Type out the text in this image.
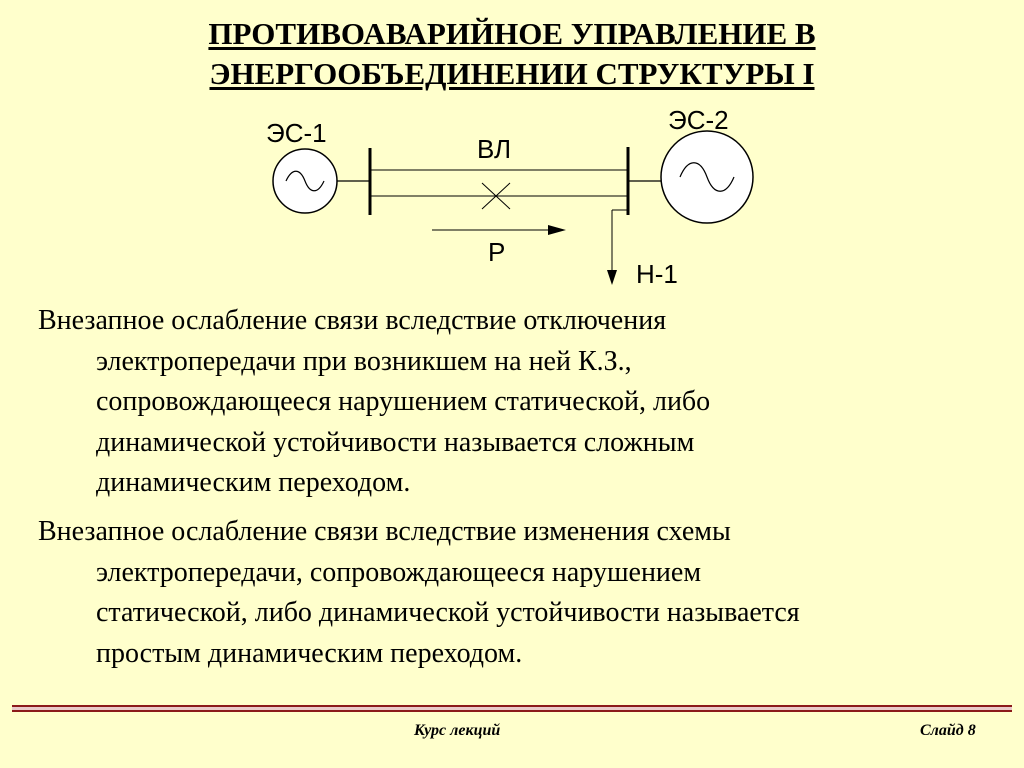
ПРОТИВОАВАРИЙНОЕ УПРАВЛЕНИЕ В
ЭНЕРГООБЪЕДИНЕНИИ СТРУКТУРЫ I
ЭС-1	ЭС-2
ВЛ
Р
Н-1
Внезапное ослабление связи вследствие отключения
электропередачи при возникшем на ней К.З.,
сопровождающееся нарушением статической, либо
динамической устойчивости называется сложным
динамическим переходом.
Внезапное ослабление связи вследствие изменения схемы
электропередачи, сопровождающееся нарушением
статической, либо динамической устойчивости называется
простым динамическим переходом.
Курс лекций	Слайд 8
